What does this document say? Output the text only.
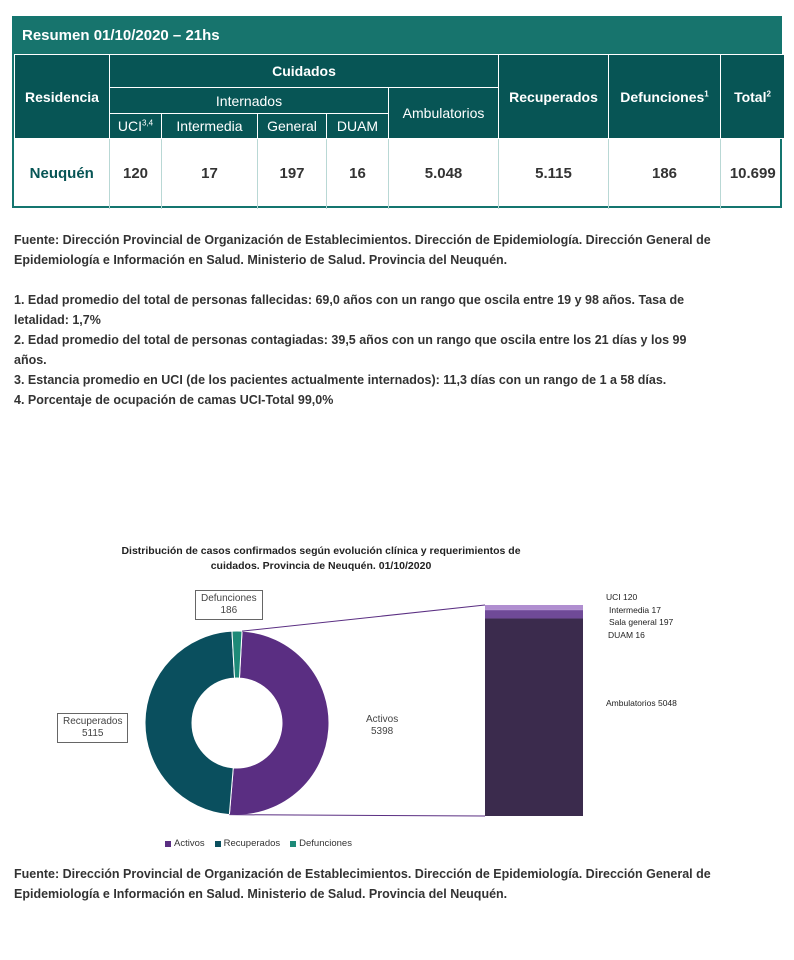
Resumen 01/10/2020 – 21hs
Residencia	Cuidados					Recuperados	Defunciones$^1$	Total$^2$
	Internados				Ambulatorios			
	UCI$^{3,4}$	Intermedia	General	DUAM				
Neuquén	120	17	197	16	5.048	5.115	186	10.699

Fuente: Dirección Provincial de Organización de Establecimientos. Dirección de Epidemiología. Dirección General de Epidemiología e Información en Salud. Ministerio de Salud. Provincia del Neuquén.

1. Edad promedio del total de personas fallecidas: 69,0 años con un rango que oscila entre 19 y 98 años. Tasa de letalidad: 1,7%

2. Edad promedio del total de personas contagiadas: 39,5 años con un rango que oscila entre los 21 días y los 99 años.

3. Estancia promedio en UCI (de los pacientes actualmente internados): 11,3 días con un rango de 1 a 58 días.

4. Porcentaje de ocupación de camas UCI-Total 99,0%

Distribución de casos confirmados según evolución clínica y requerimientos de cuidados. Provincia de Neuquén. 01/10/2020
Defunciones
186
Recuperados
5115
Activos
5398
UCI 120
Intermedia 17
Sala general 197
DUAM 16
Ambulatorios 5048
Activos Recuperados Defunciones

Fuente: Dirección Provincial de Organización de Establecimientos. Dirección de Epidemiología. Dirección General de Epidemiología e Información en Salud. Ministerio de Salud. Provincia del Neuquén.
